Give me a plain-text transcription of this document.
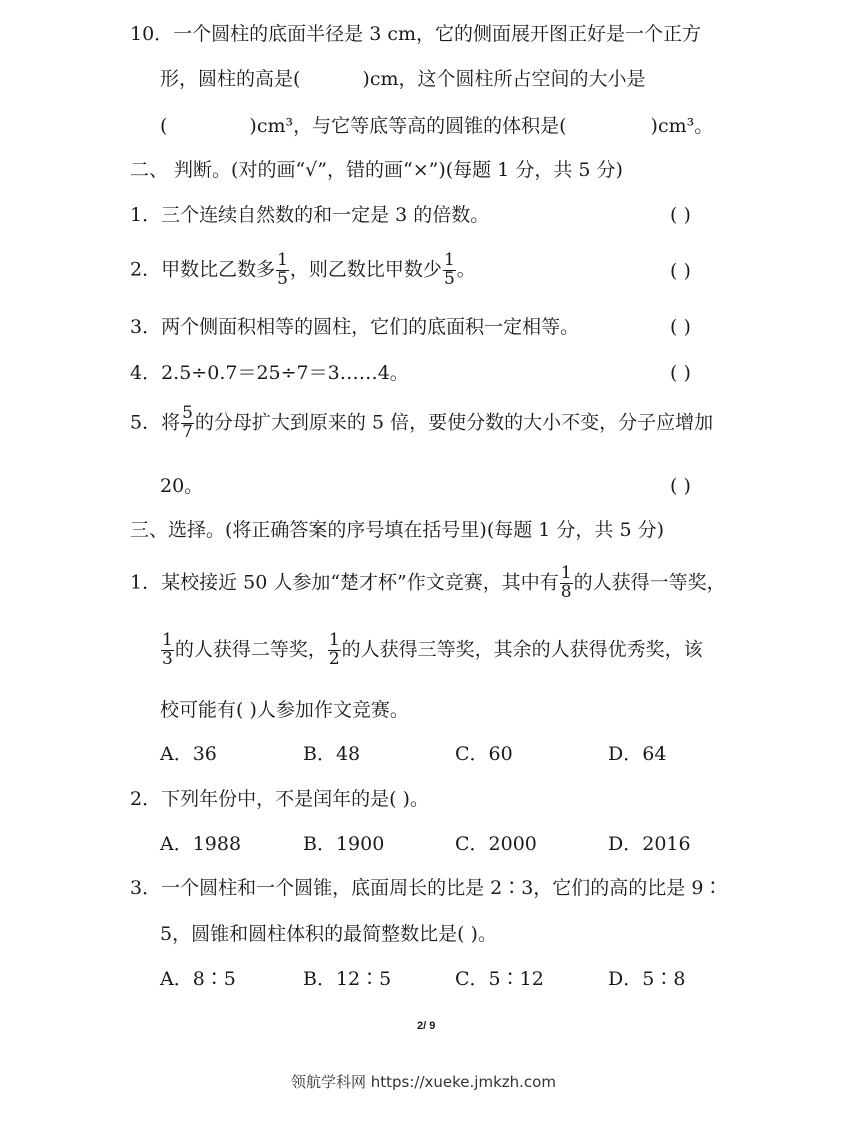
10．一个圆柱的底面半径是 3 cm，它的侧面展开图正好是一个正方
形，圆柱的高是(	)cm，这个圆柱所占空间的大小是
(	)cm³，与它等底等高的圆锥的体积是(	)cm³。
二、 判断。(对的画“√”，错的画“×”)(每题 1 分，共 5 分)
1．三个连续自然数的和一定是 3 的倍数。	( )
2．甲数比乙数多 $\frac{1}{5}$ ，则乙数比甲数少 $\frac{1}{5}$ 。	( )
3．两个侧面积相等的圆柱，它们的底面积一定相等。	( )
4．2.5÷0.7＝25÷7＝3……4。	( )
5．将 $\frac{5}{7}$ 的分母扩大到原来的 5 倍，要使分数的大小不变，分子应增加
20。	( )
三、选择。(将正确答案的序号填在括号里)(每题 1 分，共 5 分)
1．某校接近 50 人参加“楚才杯”作文竞赛，其中有 $\frac{1}{8}$ 的人获得一等奖，
$\frac{1}{3}$ 的人获得二等奖， $\frac{1}{2}$ 的人获得三等奖，其余的人获得优秀奖，该
校可能有( )人参加作文竞赛。
A．36	B．48	C．60	D．64
2．下列年份中，不是闰年的是( )。
A．1988	B．1900	C．2000	D．2016
3．一个圆柱和一个圆锥，底面周长的比是 2∶3，它们的高的比是 9∶
5，圆锥和圆柱体积的最简整数比是( )。
A．8∶5	B．12∶5	C．5∶12	D．5∶8
2/ 9
领航学科网 https://xueke.jmkzh.com
